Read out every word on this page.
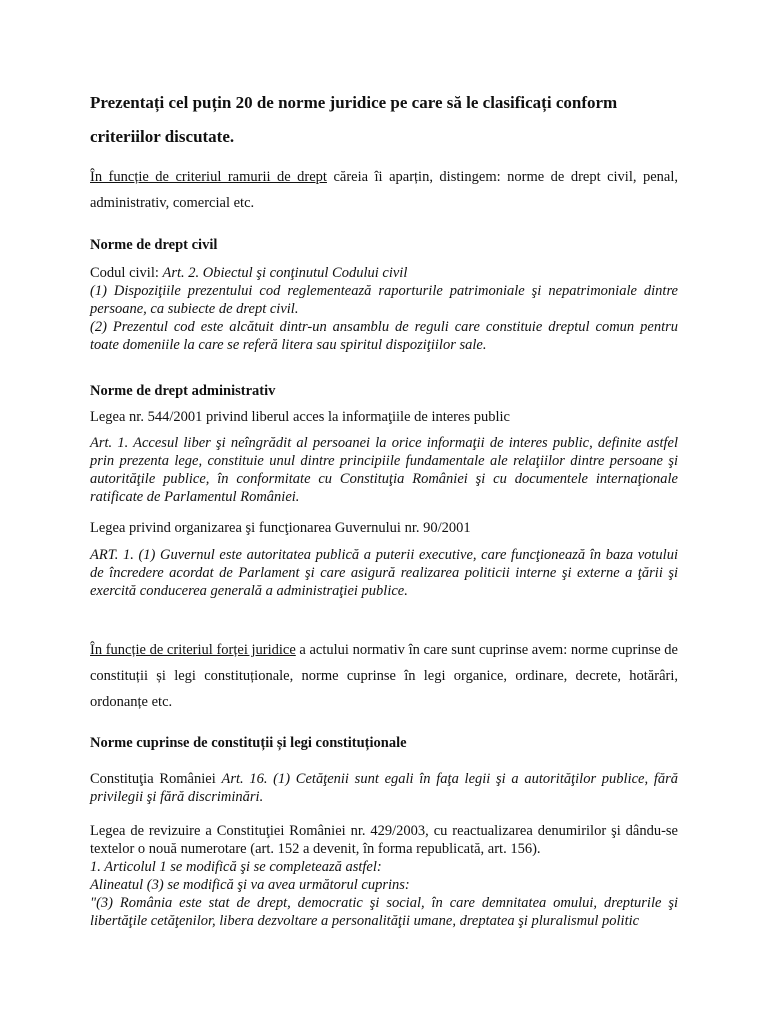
Prezentați cel puțin 20 de norme juridice pe care să le clasificați conform criteriilor discutate.

În funcție de criteriul ramurii de drept căreia îi aparțin, distingem: norme de drept civil, penal, administrativ, comercial etc.

Norme de drept civil

Codul civil: Art. 2. Obiectul şi conţinutul Codului civil

(1) Dispoziţiile prezentului cod reglementează raporturile patrimoniale şi nepatrimoniale dintre persoane, ca subiecte de drept civil.

(2) Prezentul cod este alcătuit dintr-un ansamblu de reguli care constituie dreptul comun pentru toate domeniile la care se referă litera sau spiritul dispoziţiilor sale.

Norme de drept administrativ

Legea nr. 544/2001 privind liberul acces la informaţiile de interes public

Art. 1. Accesul liber şi neîngrădit al persoanei la orice informaţii de interes public, definite astfel prin prezenta lege, constituie unul dintre principiile fundamentale ale relaţiilor dintre persoane şi autorităţile publice, în conformitate cu Constituţia României şi cu documentele internaţionale ratificate de Parlamentul României.

Legea privind organizarea şi funcţionarea Guvernului nr. 90/2001

ART. 1. (1) Guvernul este autoritatea publică a puterii executive, care funcţionează în baza votului de încredere acordat de Parlament şi care asigură realizarea politicii interne şi externe a ţării şi exercită conducerea generală a administraţiei publice.

În funcție de criteriul forței juridice a actului normativ în care sunt cuprinse avem: norme cuprinse de constituții și legi constituționale, norme cuprinse în legi organice, ordinare, decrete, hotărâri, ordonanțe etc.

Norme cuprinse de constituții și legi constituționale

Constituţia României Art. 16. (1) Cetăţenii sunt egali în faţa legii şi a autorităţilor publice, fără privilegii şi fără discriminări.

Legea de revizuire a Constituţiei României nr. 429/2003, cu reactualizarea denumirilor şi dându-se textelor o nouă numerotare (art. 152 a devenit, în forma republicată, art. 156).

1. Articolul 1 se modifică şi se completează astfel:

Alineatul (3) se modifică şi va avea următorul cuprins:

"(3) România este stat de drept, democratic şi social, în care demnitatea omului, drepturile şi libertăţile cetăţenilor, libera dezvoltare a personalităţii umane, dreptatea şi pluralismul politic
